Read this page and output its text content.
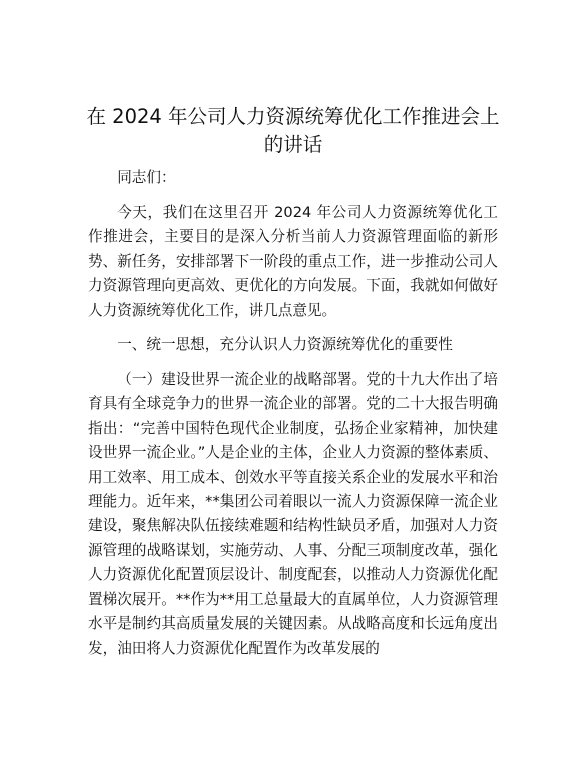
在 2024 年公司人力资源统筹优化工作推进会上的讲话

同志们：

今天，我们在这里召开 2024 年公司人力资源统筹优化工作推进会，主要目的是深入分析当前人力资源管理面临的新形势、新任务，安排部署下一阶段的重点工作，进一步推动公司人力资源管理向更高效、更优化的方向发展。下面，我就如何做好人力资源统筹优化工作，讲几点意见。

一、统一思想，充分认识人力资源统筹优化的重要性

（一）建设世界一流企业的战略部署。党的十九大作出了培育具有全球竞争力的世界一流企业的部署。党的二十大报告明确指出：“完善中国特色现代企业制度，弘扬企业家精神，加快建设世界一流企业。”人是企业的主体，企业人力资源的整体素质、用工效率、用工成本、创效水平等直接关系企业的发展水平和治理能力。近年来，**集团公司着眼以一流人力资源保障一流企业建设，聚焦解决队伍接续难题和结构性缺员矛盾，加强对人力资源管理的战略谋划，实施劳动、人事、分配三项制度改革，强化人力资源优化配置顶层设计、制度配套，以推动人力资源优化配置梯次展开。**作为**用工总量最大的直属单位，人力资源管理水平是制约其高质量发展的关键因素。从战略高度和长远角度出发，油田将人力资源优化配置作为改革发展的
